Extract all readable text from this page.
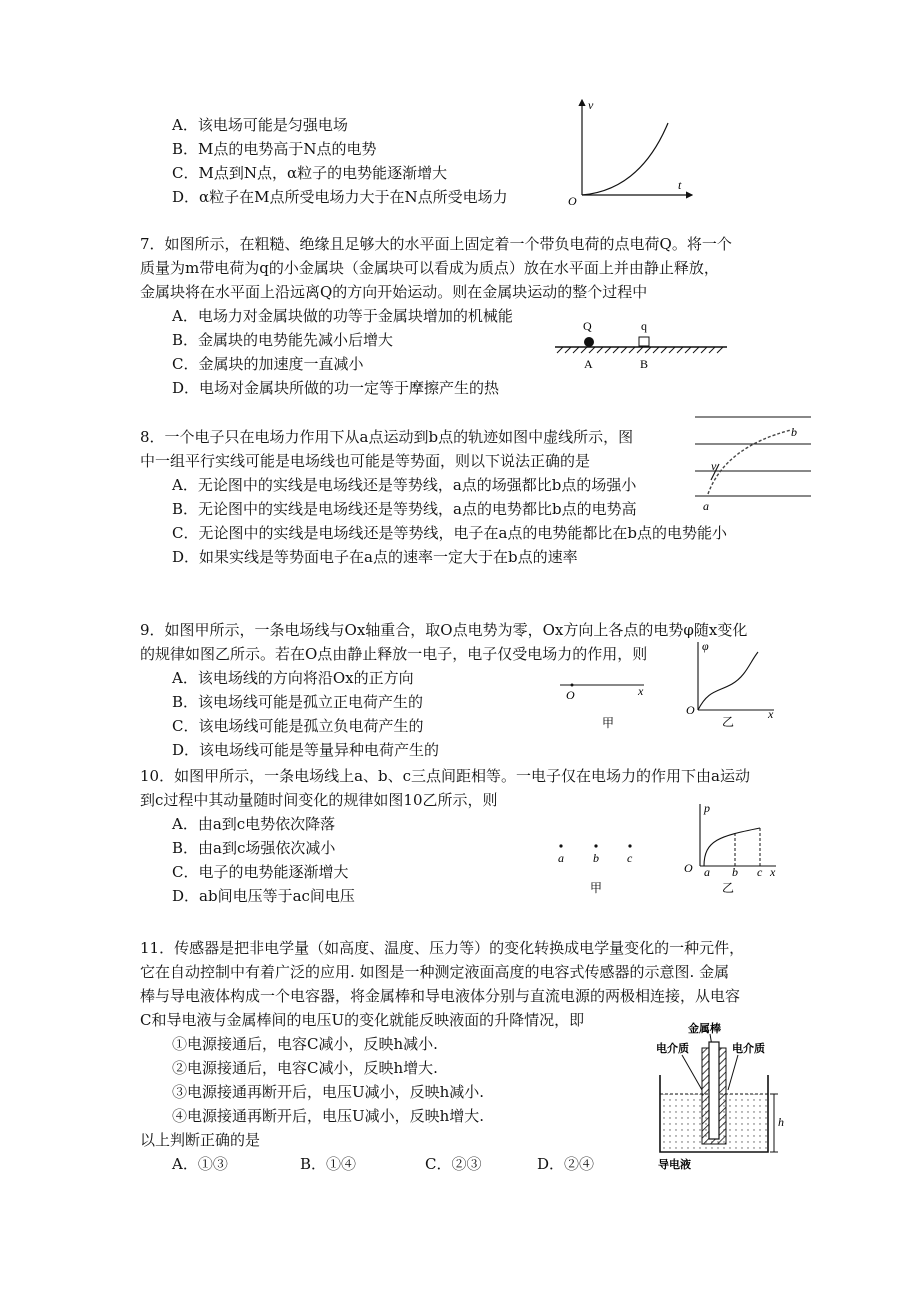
A．该电场可能是匀强电场
B．M点的电势高于N点的电势
C．M点到N点，α粒子的电势能逐渐增大
D．α粒子在M点所受电场力大于在N点所受电场力
v
t
O
7．如图所示，在粗糙、绝缘且足够大的水平面上固定着一个带负电荷的点电荷Q。将一个
质量为m带电荷为q的小金属块（金属块可以看成为质点）放在水平面上并由静止释放，
金属块将在水平面上沿远离Q的方向开始运动。则在金属块运动的整个过程中
A．电场力对金属块做的功等于金属块增加的机械能
B．金属块的电势能先减小后增大
C．金属块的加速度一直减小
D．电场对金属块所做的功一定等于摩擦产生的热
Q	q
A	B
8．一个电子只在电场力作用下从a点运动到b点的轨迹如图中虚线所示，图
中一组平行实线可能是电场线也可能是等势面，则以下说法正确的是
A．无论图中的实线是电场线还是等势线，a点的场强都比b点的场强小
B．无论图中的实线是电场线还是等势线，a点的电势都比b点的电势高
C．无论图中的实线是电场线还是等势线，电子在a点的电势能都比在b点的电势能小
D．如果实线是等势面电子在a点的速率一定大于在b点的速率
v
b
a
9．如图甲所示，一条电场线与Ox轴重合，取O点电势为零，Ox方向上各点的电势φ随x变化
的规律如图乙所示。若在O点由静止释放一电子，电子仅受电场力的作用，则
A．该电场线的方向将沿Ox的正方向
B．该电场线可能是孤立正电荷产生的
C．该电场线可能是孤立负电荷产生的
D．该电场线可能是等量异种电荷产生的
O	x
甲
φ
O	x
乙
10．如图甲所示，一条电场线上a、b、c三点间距相等。一电子仅在电场力的作用下由a运动
到c过程中其动量随时间变化的规律如图10乙所示，则
A．由a到c电势依次降落
B．由a到c场强依次减小
C．电子的电势能逐渐增大
D．ab间电压等于ac间电压
a b c
甲
p
O a b c x
乙
11．传感器是把非电学量（如高度、温度、压力等）的变化转换成电学量变化的一种元件，
它在自动控制中有着广泛的应用. 如图是一种测定液面高度的电容式传感器的示意图. 金属
棒与导电液体构成一个电容器，将金属棒和导电液体分别与直流电源的两极相连接，从电容
C和导电液与金属棒间的电压U的变化就能反映液面的升降情况，即
①电源接通后，电容C减小，反映h减小.
②电源接通后，电容C减小，反映h增大.
③电源接通再断开后，电压U减小，反映h减小.
④电源接通再断开后，电压U减小，反映h增大.
以上判断正确的是
A．①③	B．①④	C．②③	D．②④
金属棒
电介质	电介质
h
导电液
